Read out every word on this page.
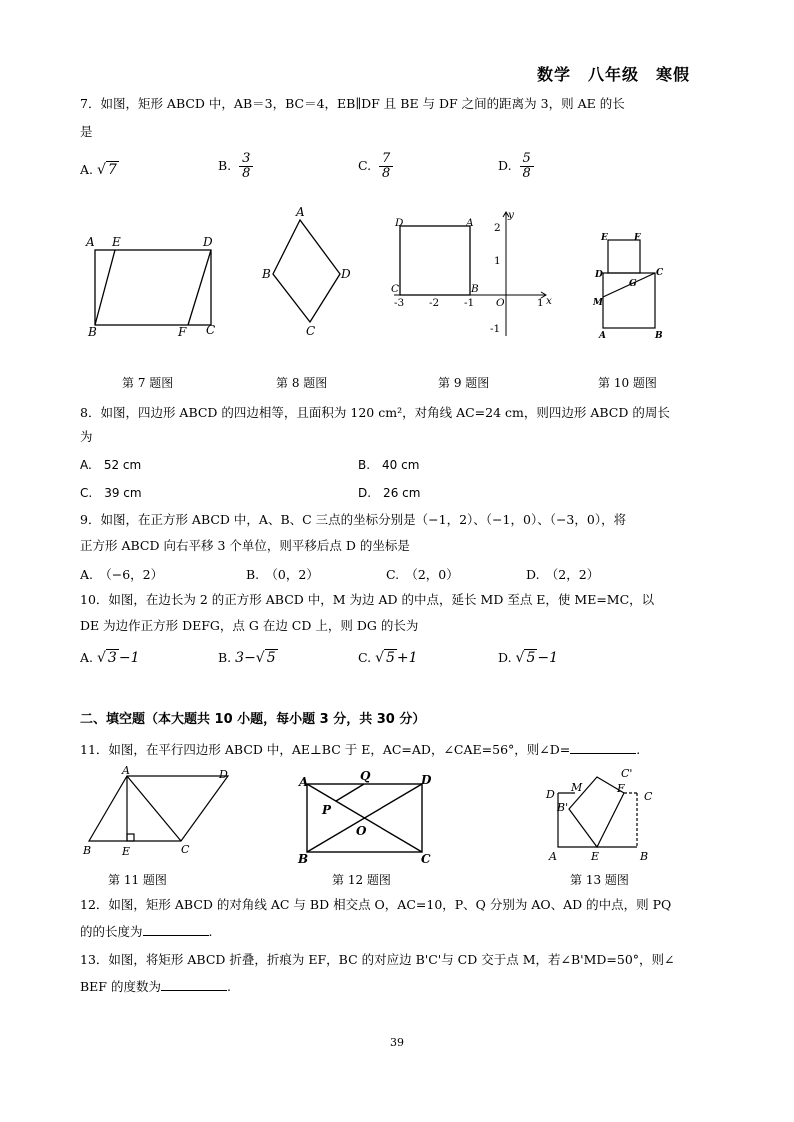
数学　八年级　寒假
7．如图，矩形 ABCD 中，AB＝3，BC＝4，EB∥DF 且 BE 与 DF 之间的距离为 3，则 AE 的长
是
A. √ 7	B. $\frac{3}{8}$	C. $\frac{7}{8}$	D. $\frac{5}{8}$
A E	D
B	F C
A
B
C
D
D	A
C	B
O
y
x
2
1
-1
-3 -2 -1	1
E	F
D	C
G
M
A	B
第 7 题图	第 8 题图	第 9 题图	第 10 题图
8．如图，四边形 ABCD 的四边相等，且面积为 120 cm²，对角线 AC=24 cm，则四边形 ABCD 的周长
为
A.　52 cm	B.　40 cm
C.　39 cm	D.　26 cm
9．如图，在正方形 ABCD 中，A、B、C 三点的坐标分别是（−1，2）、（−1，0）、（−3，0），将
正方形 ABCD 向右平移 3 个单位，则平移后点 D 的坐标是
A.　（−6，2）	B.　（0，2）	C.　（2，0）	D.　（2，2）
10．如图，在边长为 2 的正方形 ABCD 中，M 为边 AD 的中点，延长 MD 至点 E，使 ME=MC，以
DE 为边作正方形 DEFG，点 G 在边 CD 上，则 DG 的长为
A. √ 3 −1	B. 3−√ 5	C. √ 5 +1	D. √ 5 −1
二、填空题（本大题共 10 小题，每小题 3 分，共 30 分）
11．如图，在平行四边形 ABCD 中，AE⊥BC 于 E，AC=AD，∠CAE=56°，则∠D=	.
A	D
B	E	C
A	Q	D
P
O
B	C
C'
M	F
D
B'
C
A	E	B
第 11 题图	第 12 题图	第 13 题图
12．如图，矩形 ABCD 的对角线 AC 与 BD 相交点 O，AC=10，P、Q 分别为 AO、AD 的中点，则 PQ
的的长度为	.
13．如图，将矩形 ABCD 折叠，折痕为 EF，BC 的对应边 B'C'与 CD 交于点 M，若∠B'MD=50°，则∠
BEF 的度数为	.
39
